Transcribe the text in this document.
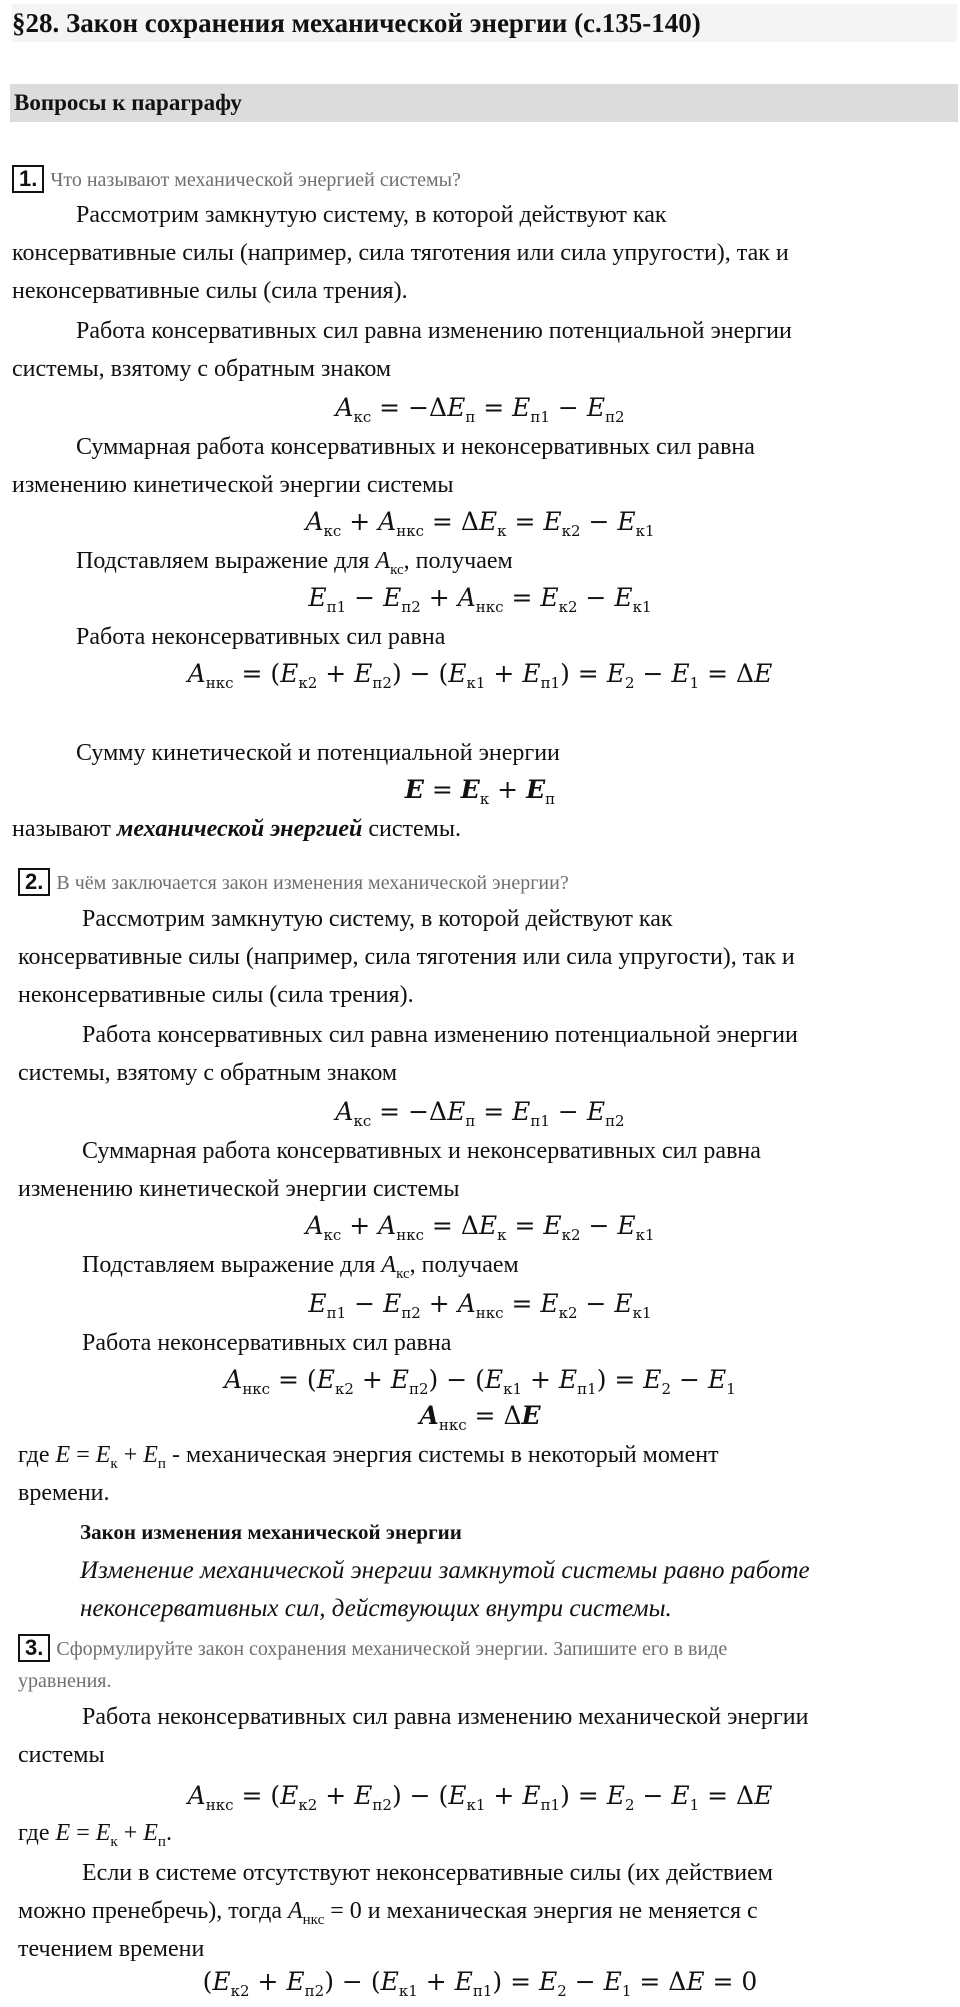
§28. Закон сохранения механической энергии (с.135-140)
Вопросы к параграфу
1. Что называют механической энергией системы?
Рассмотрим замкнутую систему, в которой действуют как
консервативные силы (например, сила тяготения или сила упругости), так и
неконсервативные силы (сила трения).
Работа консервативных сил равна изменению потенциальной энергии
системы, взятому с обратным знаком
$A_{кс} = -\Delta E_п = E_{п1} - E_{п2}$
Суммарная работа консервативных и неконсервативных сил равна
изменению кинетической энергии системы
$A_{кс} + A_{нкс} = \Delta E_к = E_{к2} - E_{к1}$
Подставляем выражение для $A_{кс}$, получаем
$E_{п1} - E_{п2} + A_{нкс} = E_{к2} - E_{к1}$
Работа неконсервативных сил равна
$A_{нкс} = (E_{к2} + E_{п2}) - (E_{к1} + E_{п1}) = E_2 - E_1 = \Delta E$
Сумму кинетической и потенциальной энергии
$E = E_к + E_п$
называют механической энергией системы.
2. В чём заключается закон изменения механической энергии?
Рассмотрим замкнутую систему, в которой действуют как
консервативные силы (например, сила тяготения или сила упругости), так и
неконсервативные силы (сила трения).
Работа консервативных сил равна изменению потенциальной энергии
системы, взятому с обратным знаком
$A_{кс} = -\Delta E_п = E_{п1} - E_{п2}$
Суммарная работа консервативных и неконсервативных сил равна
изменению кинетической энергии системы
$A_{кс} + A_{нкс} = \Delta E_к = E_{к2} - E_{к1}$
Подставляем выражение для $A_{кс}$, получаем
$E_{п1} - E_{п2} + A_{нкс} = E_{к2} - E_{к1}$
Работа неконсервативных сил равна
$A_{нкс} = (E_{к2} + E_{п2}) - (E_{к1} + E_{п1}) = E_2 - E_1$
$A_{нкс} = \Delta E$
где $E = E_к + E_п$ - механическая энергия системы в некоторый момент
времени.
Закон изменения механической энергии
Изменение механической энергии замкнутой системы равно работе
неконсервативных сил, действующих внутри системы.
3. Сформулируйте закон сохранения механической энергии. Запишите его в виде
уравнения.
Работа неконсервативных сил равна изменению механической энергии
системы
$A_{нкс} = (E_{к2} + E_{п2}) - (E_{к1} + E_{п1}) = E_2 - E_1 = \Delta E$
где $E = E_к + E_п$.
Если в системе отсутствуют неконсервативные силы (их действием
можно пренебречь), тогда $A_{нкс} = 0$ и механическая энергия не меняется с
течением времени
$(E_{к2} + E_{п2}) - (E_{к1} + E_{п1}) = E_2 - E_1 = \Delta E = 0$
